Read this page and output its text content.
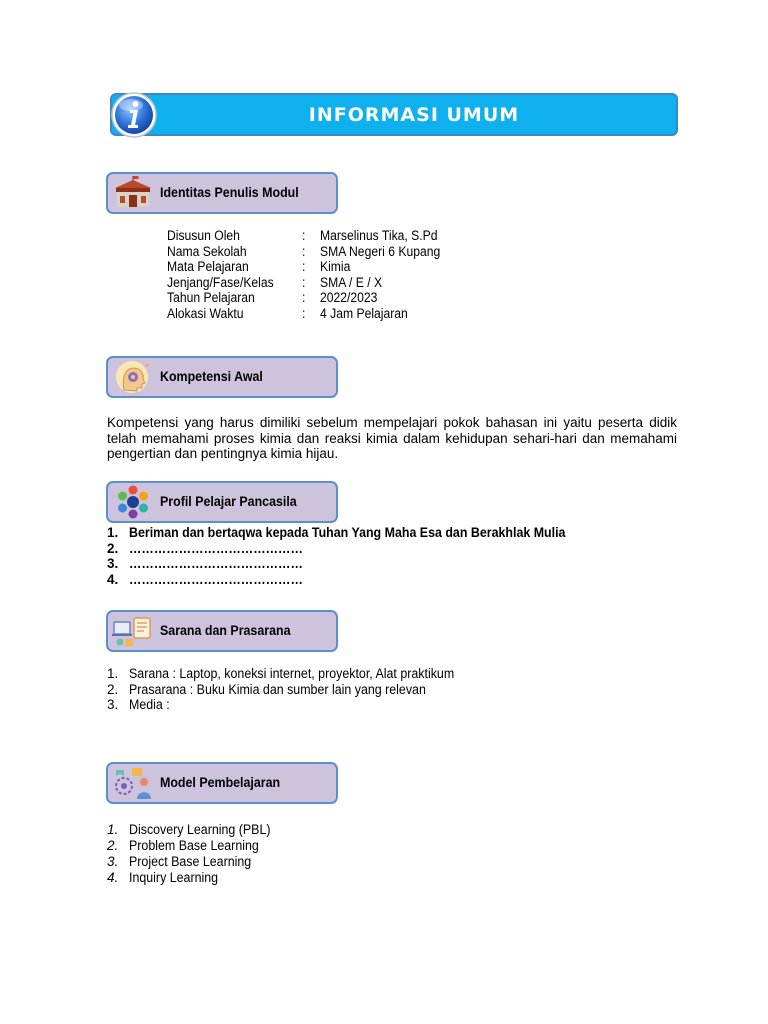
INFORMASI UMUM
Identitas Penulis Modul
Disusun Oleh	: Marselinus Tika, S.Pd
Nama Sekolah	: SMA Negeri 6 Kupang
Mata Pelajaran	: Kimia
Jenjang/Fase/Kelas : SMA / E / X
Tahun Pelajaran	: 2022/2023
Alokasi Waktu	: 4 Jam Pelajaran
Kompetensi Awal
Kompetensi yang harus dimiliki sebelum mempelajari pokok bahasan ini yaitu peserta didik telah memahami proses kimia dan reaksi kimia dalam kehidupan sehari-hari dan memahami pengertian dan pentingnya kimia hijau.
Profil Pelajar Pancasila
1. Beriman dan bertaqwa kepada Tuhan Yang Maha Esa dan Berakhlak Mulia
2. ……………………………………
3. ……………………………………
4. ……………………………………
Sarana dan Prasarana
1. Sarana : Laptop, koneksi internet, proyektor, Alat praktikum
2. Prasarana : Buku Kimia dan sumber lain yang relevan
3. Media :
Model Pembelajaran
1. Discovery Learning (PBL)
2. Problem Base Learning
3. Project Base Learning
4. Inquiry Learning
